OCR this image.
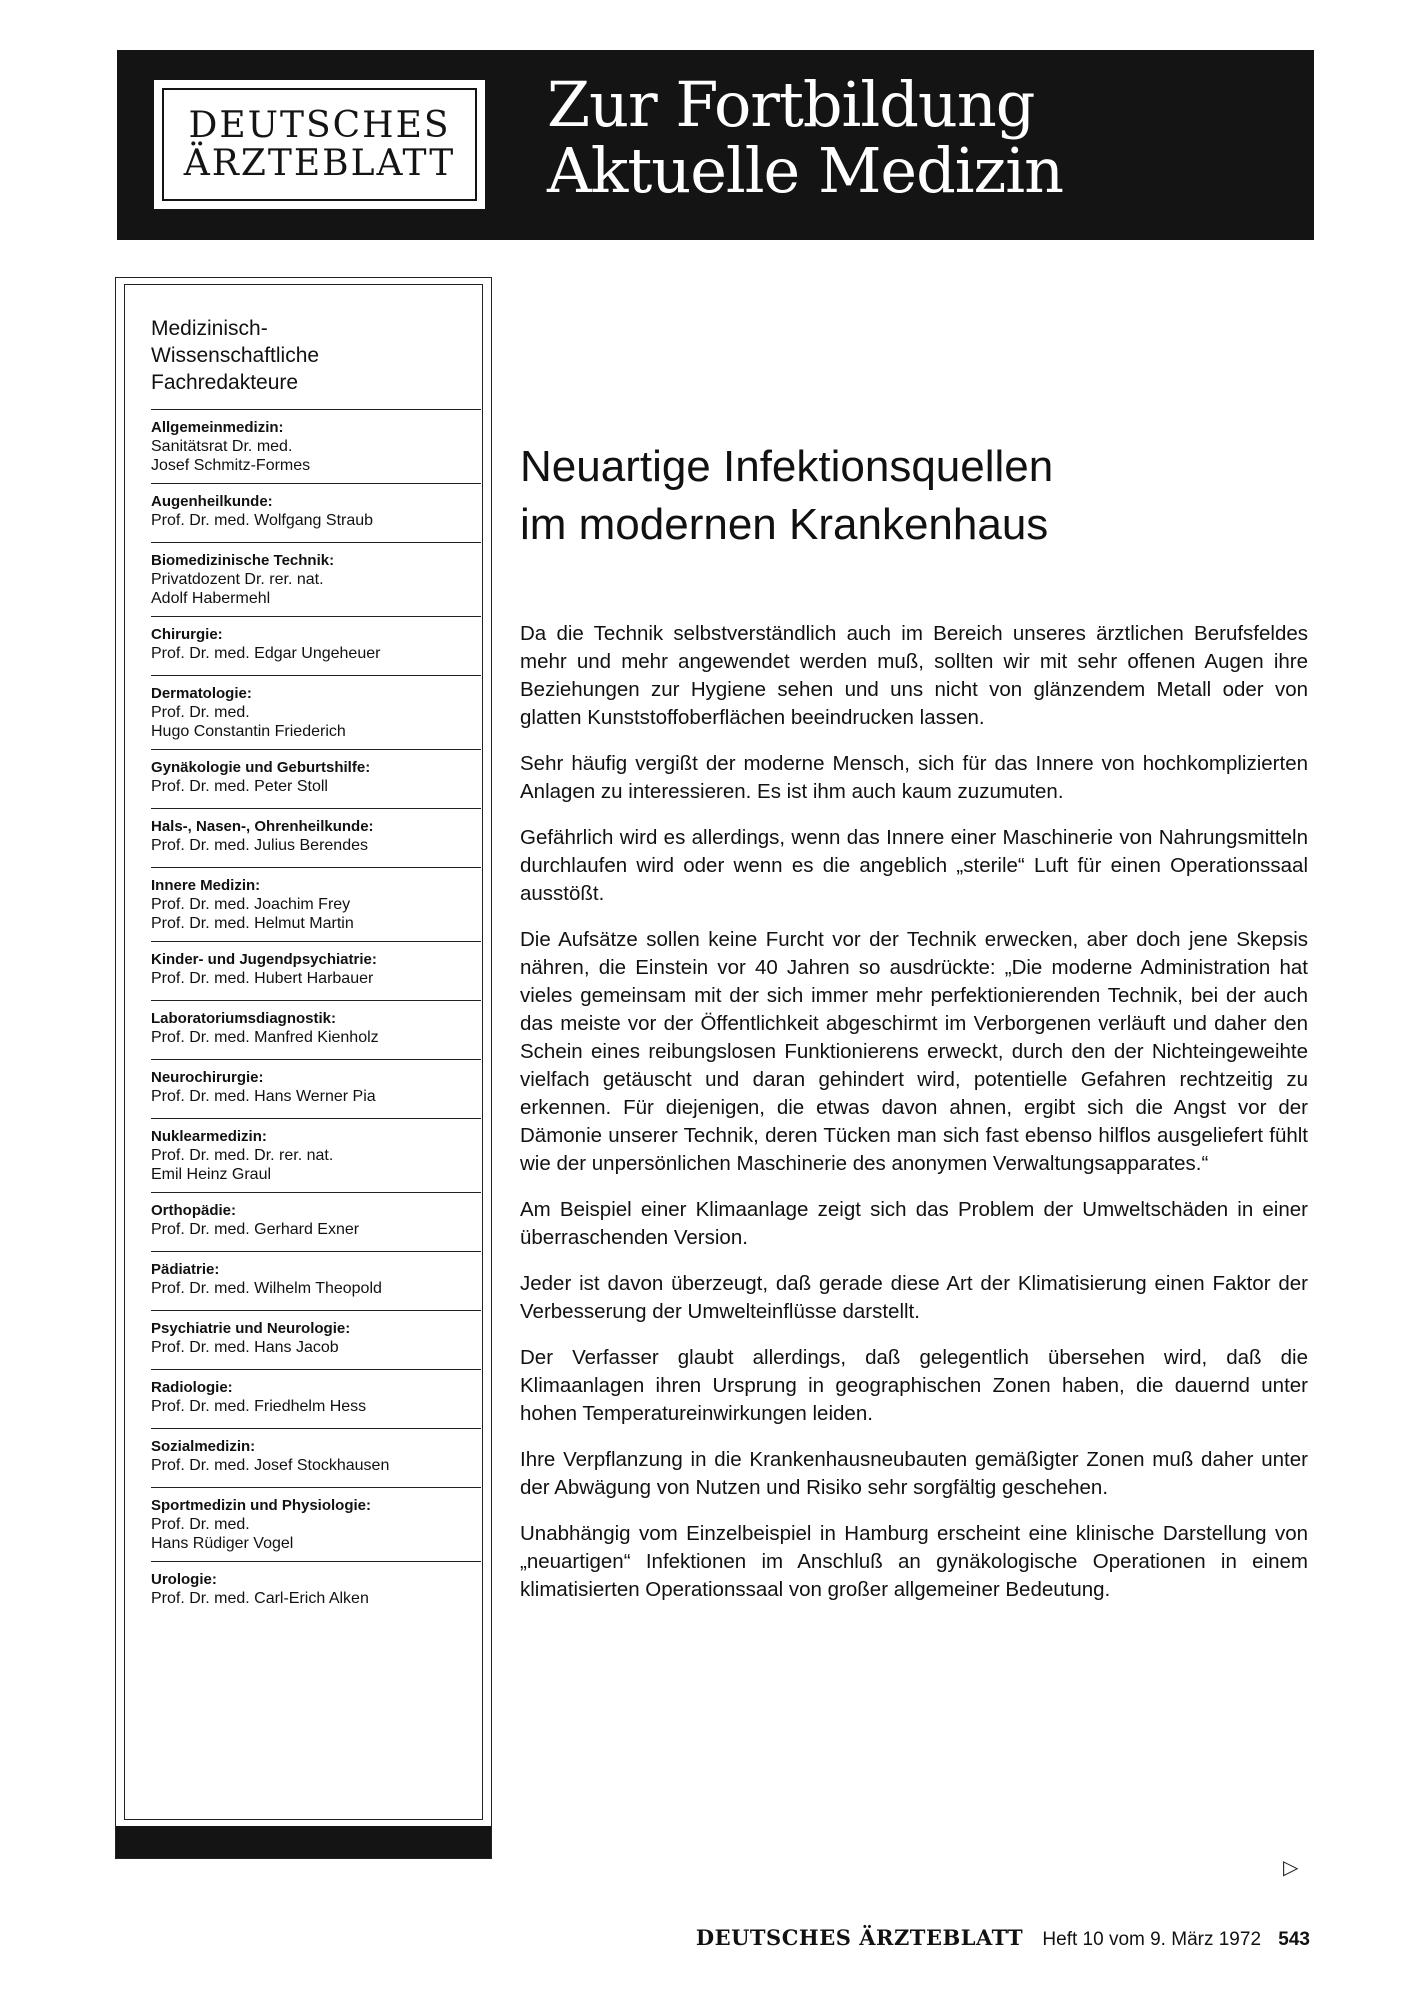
DEUTSCHES
ÄRZTEBLATT
Zur Fortbildung
Aktuelle Medizin
Medizinisch-
Wissenschaftliche
Fachredakteure
Allgemeinmedizin:
Sanitätsrat Dr. med.
Josef Schmitz-Formes
Augenheilkunde:
Prof. Dr. med. Wolfgang Straub
Biomedizinische Technik:
Privatdozent Dr. rer. nat.
Adolf Habermehl
Chirurgie:
Prof. Dr. med. Edgar Ungeheuer
Dermatologie:
Prof. Dr. med.
Hugo Constantin Friederich
Gynäkologie und Geburtshilfe:
Prof. Dr. med. Peter Stoll
Hals-, Nasen-, Ohrenheilkunde:
Prof. Dr. med. Julius Berendes
Innere Medizin:
Prof. Dr. med. Joachim Frey
Prof. Dr. med. Helmut Martin
Kinder- und Jugendpsychiatrie:
Prof. Dr. med. Hubert Harbauer
Laboratoriumsdiagnostik:
Prof. Dr. med. Manfred Kienholz
Neurochirurgie:
Prof. Dr. med. Hans Werner Pia
Nuklearmedizin:
Prof. Dr. med. Dr. rer. nat.
Emil Heinz Graul
Orthopädie:
Prof. Dr. med. Gerhard Exner
Pädiatrie:
Prof. Dr. med. Wilhelm Theopold
Psychiatrie und Neurologie:
Prof. Dr. med. Hans Jacob
Radiologie:
Prof. Dr. med. Friedhelm Hess
Sozialmedizin:
Prof. Dr. med. Josef Stockhausen
Sportmedizin und Physiologie:
Prof. Dr. med.
Hans Rüdiger Vogel
Urologie:
Prof. Dr. med. Carl-Erich Alken
Neuartige Infektionsquellen
im modernen Krankenhaus

Da die Technik selbstverständlich auch im Bereich unseres ärztlichen Berufsfeldes mehr und mehr angewendet werden muß, sollten wir mit sehr offenen Augen ihre Beziehungen zur Hygiene sehen und uns nicht von glänzendem Metall oder von glatten Kunststoffoberflächen beeindrucken lassen.

Sehr häufig vergißt der moderne Mensch, sich für das Innere von hochkomplizierten Anlagen zu interessieren. Es ist ihm auch kaum zuzumuten.

Gefährlich wird es allerdings, wenn das Innere einer Maschinerie von Nahrungsmitteln durchlaufen wird oder wenn es die angeblich „sterile“ Luft für einen Operationssaal ausstößt.

Die Aufsätze sollen keine Furcht vor der Technik erwecken, aber doch jene Skepsis nähren, die Einstein vor 40 Jahren so ausdrückte: „Die moderne Administration hat vieles gemeinsam mit der sich immer mehr perfektionierenden Technik, bei der auch das meiste vor der Öffentlichkeit abgeschirmt im Verborgenen verläuft und daher den Schein eines reibungslosen Funktionierens erweckt, durch den der Nichteingeweihte vielfach getäuscht und daran gehindert wird, potentielle Gefahren rechtzeitig zu erkennen. Für diejenigen, die etwas davon ahnen, ergibt sich die Angst vor der Dämonie unserer Technik, deren Tücken man sich fast ebenso hilflos ausgeliefert fühlt wie der unpersönlichen Maschinerie des anonymen Verwaltungsapparates.“

Am Beispiel einer Klimaanlage zeigt sich das Problem der Umweltschäden in einer überraschenden Version.

Jeder ist davon überzeugt, daß gerade diese Art der Klimatisierung einen Faktor der Verbesserung der Umwelteinflüsse darstellt.

Der Verfasser glaubt allerdings, daß gelegentlich übersehen wird, daß die Klimaanlagen ihren Ursprung in geographischen Zonen haben, die dauernd unter hohen Temperatureinwirkungen leiden.

Ihre Verpflanzung in die Krankenhausneubauten gemäßigter Zonen muß daher unter der Abwägung von Nutzen und Risiko sehr sorgfältig geschehen.

Unabhängig vom Einzelbeispiel in Hamburg erscheint eine klinische Darstellung von „neuartigen“ Infektionen im Anschluß an gynäkologische Operationen in einem klimatisierten Operationssaal von großer allgemeiner Bedeutung.

▷
DEUTSCHES ÄRZTEBLATT Heft 10 vom 9. März 1972 543
